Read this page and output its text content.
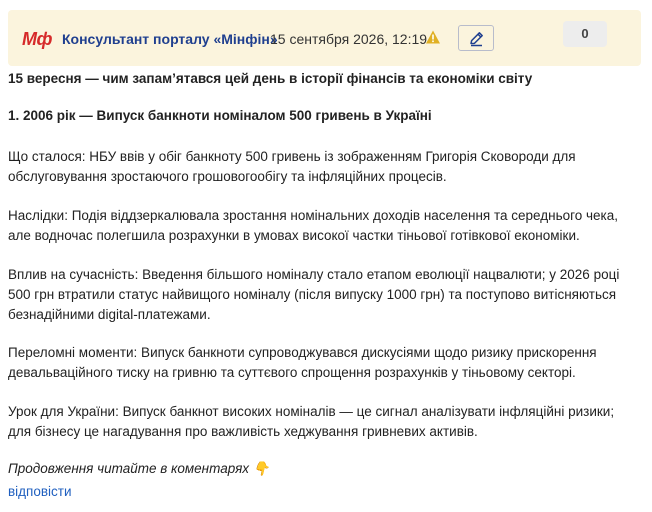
Мф Консультант порталу «Мінфін»
15 сентября 2026, 12:19	0

15 вересня — чим запам’ятався цей день в історії фінансів та економіки світу

1. 2006 рік — Випуск банкноти номіналом 500 гривень в Україні

Що сталося: НБУ ввів у обіг банкноту 500 гривень із зображенням Григорія Сковороди для обслуговування зростаючого грошовогообігу та інфляційних процесів.

Наслідки: Подія віддзеркалювала зростання номінальних доходів населення та середнього чека, але водночас полегшила розрахунки в умовах високої частки тіньової готівкової економіки.

Вплив на сучасність: Введення більшого номіналу стало етапом еволюції нацвалюти; у 2026 році 500 грн втратили статус найвищого номіналу (після випуску 1000 грн) та поступово витісняються безнадійними digital-платежами.

Переломні моменти: Випуск банкноти супроводжувався дискусіями щодо ризику прискорення девальваційного тиску на гривню та суттєвого спрощення розрахунків у тіньовому секторі.

Урок для України: Випуск банкнот високих номіналів — це сигнал аналізувати інфляційні ризики; для бізнесу це нагадування про важливість хеджування гривневих активів.

Продовження читайте в коментарях 👇

відповісти
